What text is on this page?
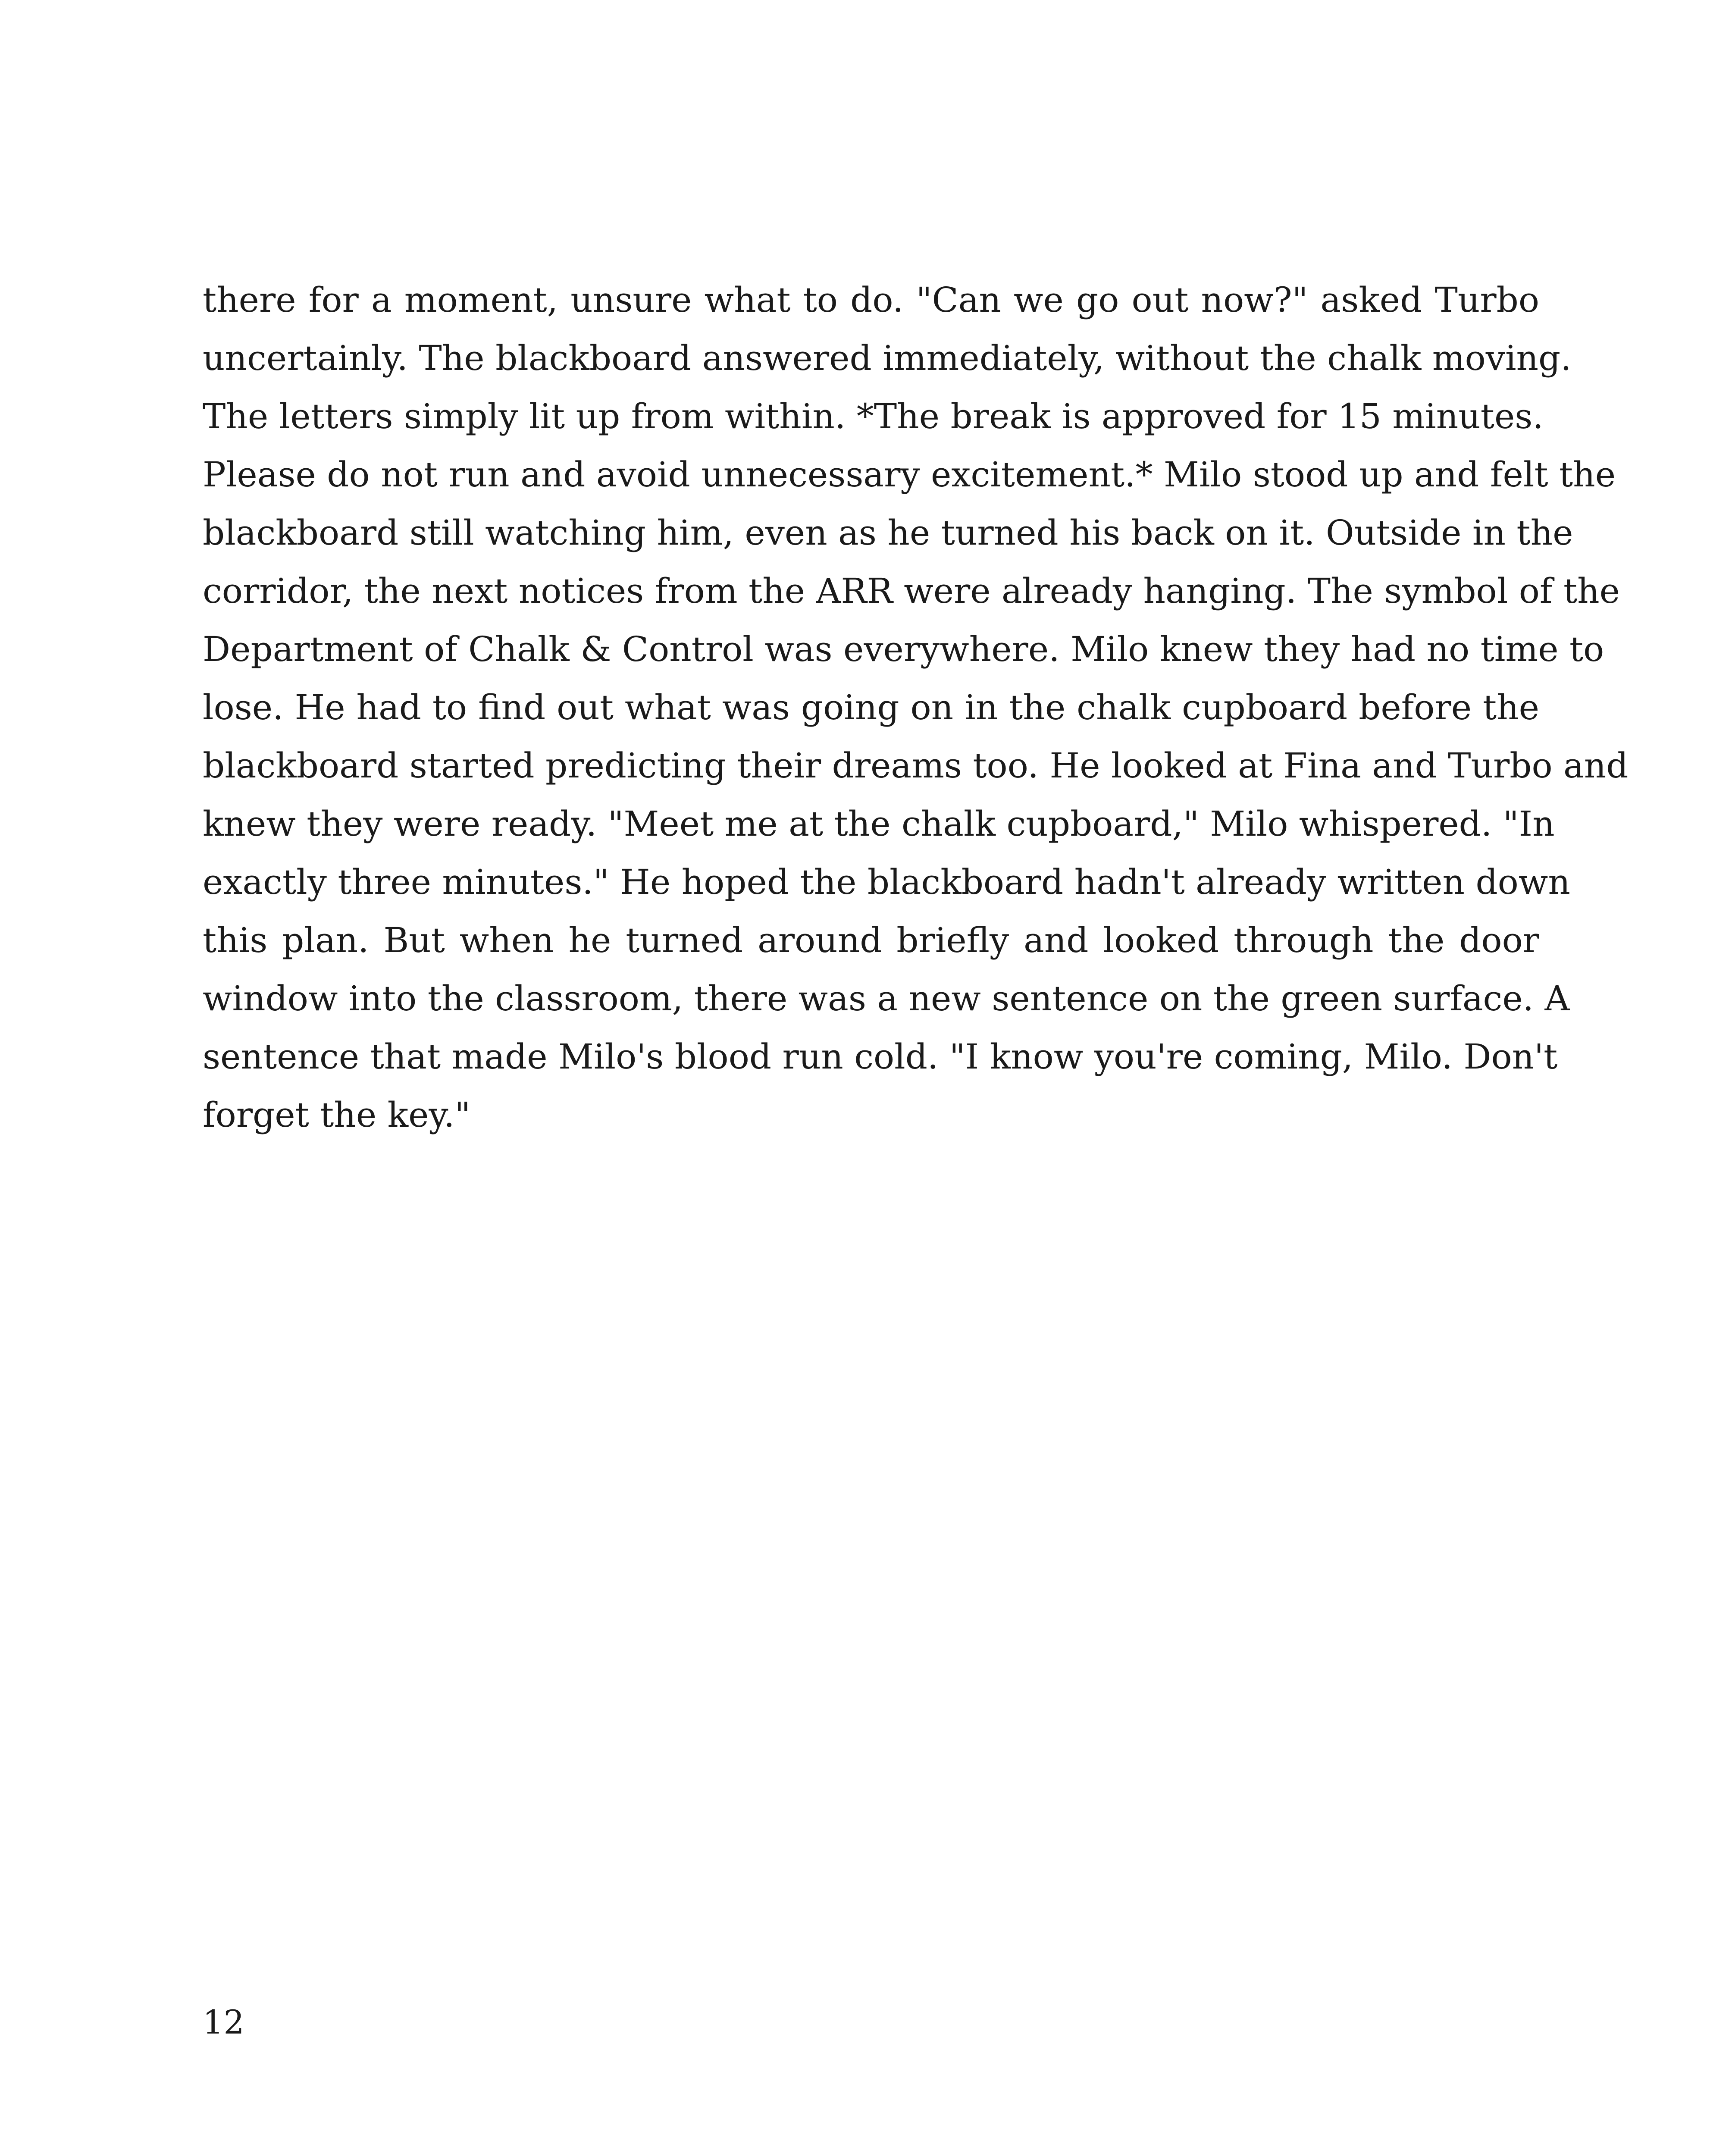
there for a moment, unsure what to do. "Can we go out now?" asked Turbo
uncertainly. The blackboard answered immediately, without the chalk moving.
The letters simply lit up from within. *The break is approved for 15 minutes.
Please do not run and avoid unnecessary excitement.* Milo stood up and felt the
blackboard still watching him, even as he turned his back on it. Outside in the
corridor, the next notices from the ARR were already hanging. The symbol of the
Department of Chalk & Control was everywhere. Milo knew they had no time to
lose. He had to find out what was going on in the chalk cupboard before the
blackboard started predicting their dreams too. He looked at Fina and Turbo and
knew they were ready. "Meet me at the chalk cupboard," Milo whispered. "In
exactly three minutes." He hoped the blackboard hadn't already written down
this plan. But when he turned around briefly and looked through the door
window into the classroom, there was a new sentence on the green surface. A
sentence that made Milo's blood run cold. "I know you're coming, Milo. Don't
forget the key."
12
